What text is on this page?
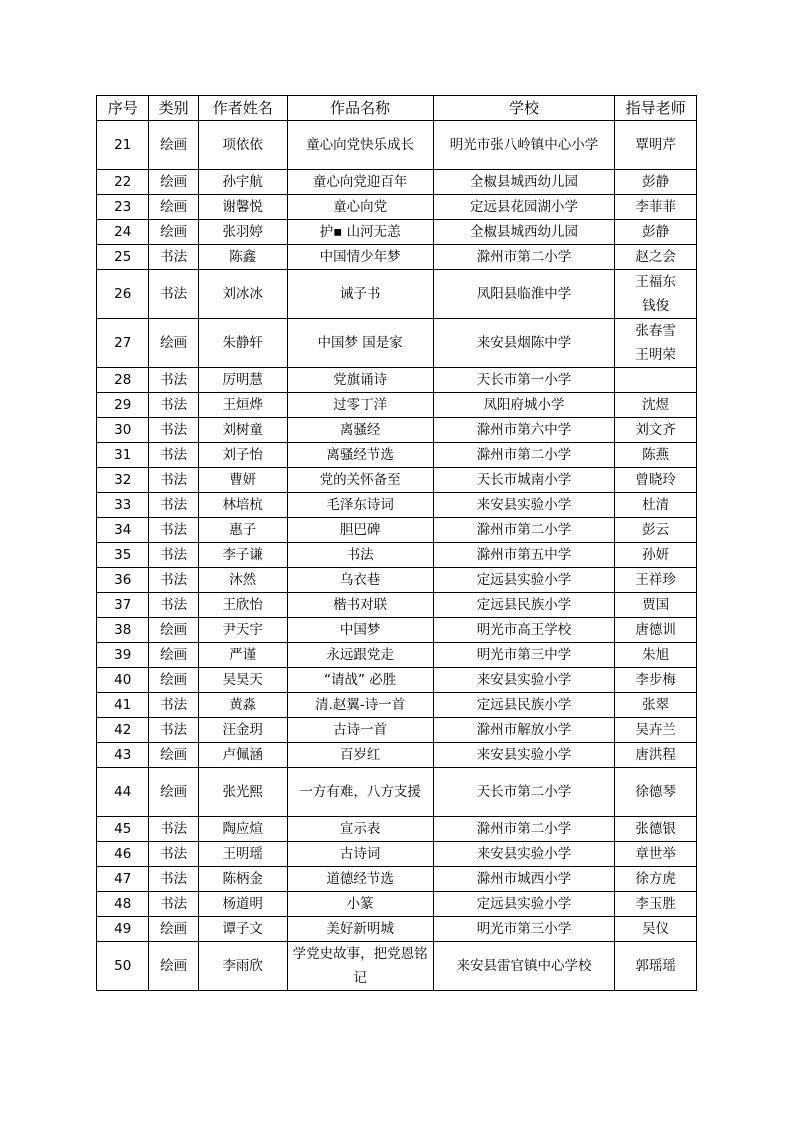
序号	类别	作者姓名	作品名称	学校	指导老师
21	绘画	项依依	童心向党快乐成长	明光市张八岭镇中心小学	覃明芹

22	绘画	孙宇航	童心向党迎百年	全椒县城西幼儿园	彭静

23	绘画	谢馨悦	童心向党	定远县花园湖小学	李菲菲

24	绘画	张羽婷	护▪ 山河无恙	全椒县城西幼儿园	彭静

25	书法	陈鑫	中国情少年梦	滁州市第二小学	赵之会

26	书法	刘冰冰	诫子书	凤阳县临淮中学	王福东
钱俊

27	绘画	朱静轩	中国梦 国是家	来安县烟陈中学	张春雪
王明荣

28	书法	厉明慧	党旗诵诗	天长市第一小学	

29	书法	王烜烨	过零丁洋	凤阳府城小学	沈煜

30	书法	刘树童	离骚经	滁州市第六中学	刘文齐

31	书法	刘子怡	离骚经节选	滁州市第二小学	陈燕

32	书法	曹妍	党的关怀备至	天长市城南小学	曾晓玲

33	书法	林培杭	毛泽东诗词	来安县实验小学	杜清

34	书法	惠子	胆巴碑	滁州市第二小学	彭云

35	书法	李子谦	书法	滁州市第五中学	孙妍

36	书法	沐然	乌衣巷	定远县实验小学	王祥珍

37	书法	王欣怡	楷书对联	定远县民族小学	贾国

38	绘画	尹天宇	中国梦	明光市高王学校	唐德训

39	绘画	严谨	永远跟党走	明光市第三中学	朱旭

40	绘画	吴昊天	“请战” 必胜	来安县实验小学	李步梅

41	书法	黄淼	清.赵翼-诗一首	定远县民族小学	张翠

42	书法	汪金玥	古诗一首	滁州市解放小学	吴卉兰

43	绘画	卢佩涵	百岁红	来安县实验小学	唐洪程

44	绘画	张光熙	一方有难，八方支援	天长市第二小学	徐德琴

45	书法	陶应煊	宣示表	滁州市第二小学	张德银

46	书法	王明瑶	古诗词	来安县实验小学	章世举

47	书法	陈柄金	道德经节选	滁州市城西小学	徐方虎

48	书法	杨道明	小篆	定远县实验小学	李玉胜

49	绘画	谭子文	美好新明城	明光市第三小学	吴仪

50	绘画	李雨欣	学党史故事，把党恩铭记	来安县雷官镇中心学校	郭瑶瑶
